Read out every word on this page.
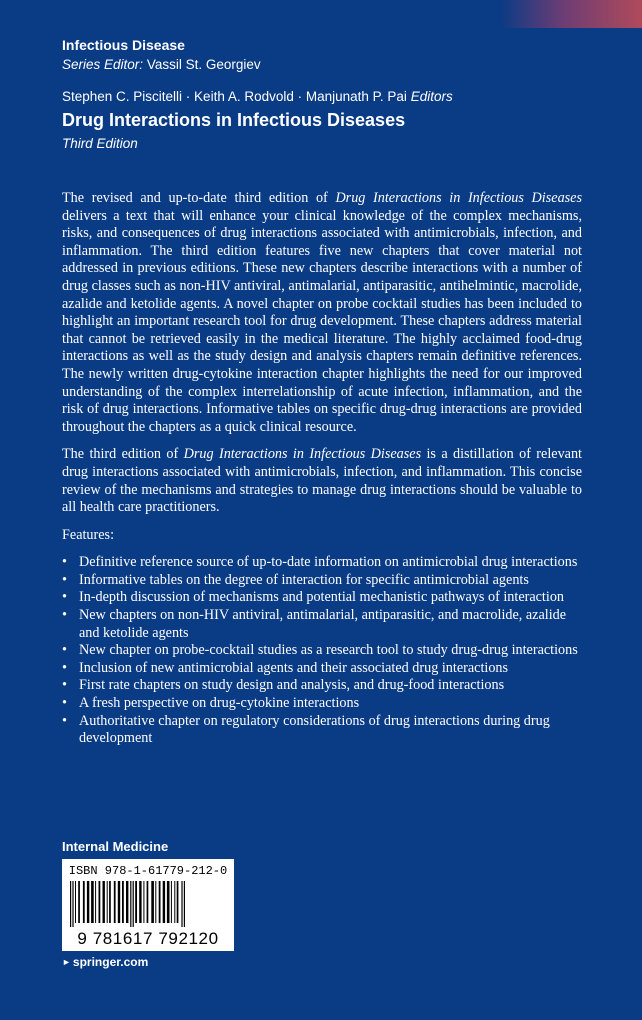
Infectious Disease
Series Editor: Vassil St. Georgiev
Stephen C. Piscitelli · Keith A. Rodvold · Manjunath P. Pai Editors
Drug Interactions in Infectious Diseases
Third Edition

The revised and up-to-date third edition of Drug Interactions in Infectious Diseases delivers a text that will enhance your clinical knowledge of the complex mechanisms, risks, and consequences of drug interactions associated with antimicrobials, infection, and inflammation. The third edition features five new chapters that cover material not addressed in previous editions. These new chapters describe interactions with a number of drug classes such as non-HIV antiviral, antimalarial, antiparasitic, antihelmintic, macrolide, azalide and ketolide agents. A novel chapter on probe cocktail studies has been included to highlight an important research tool for drug development. These chapters address material that cannot be retrieved easily in the medical literature. The highly acclaimed food-drug interactions as well as the study design and analysis chapters remain definitive references. The newly written drug-cytokine interaction chapter highlights the need for our improved understanding of the complex interrelationship of acute infection, inflammation, and the risk of drug interactions. Informative tables on specific drug-drug interactions are provided throughout the chapters as a quick clinical resource.

The third edition of Drug Interactions in Infectious Diseases is a distillation of relevant drug interactions associated with antimicrobials, infection, and inflammation. This concise review of the mechanisms and strategies to manage drug interactions should be valuable to all health care practitioners.

Features:

• Definitive reference source of up-to-date information on antimicrobial drug interactions
• Informative tables on the degree of interaction for specific antimicrobial agents
• In-depth discussion of mechanisms and potential mechanistic pathways of interaction
• New chapters on non-HIV antiviral, antimalarial, antiparasitic, and macrolide, azalide and ketolide agents
• New chapter on probe-cocktail studies as a research tool to study drug-drug interactions
• Inclusion of new antimicrobial agents and their associated drug interactions
• First rate chapters on study design and analysis, and drug-food interactions
• A fresh perspective on drug-cytokine interactions
• Authoritative chapter on regulatory considerations of drug interactions during drug development
Internal Medicine
ISBN 978-1-61779-212-0
9 781617 792120
► springer.com
